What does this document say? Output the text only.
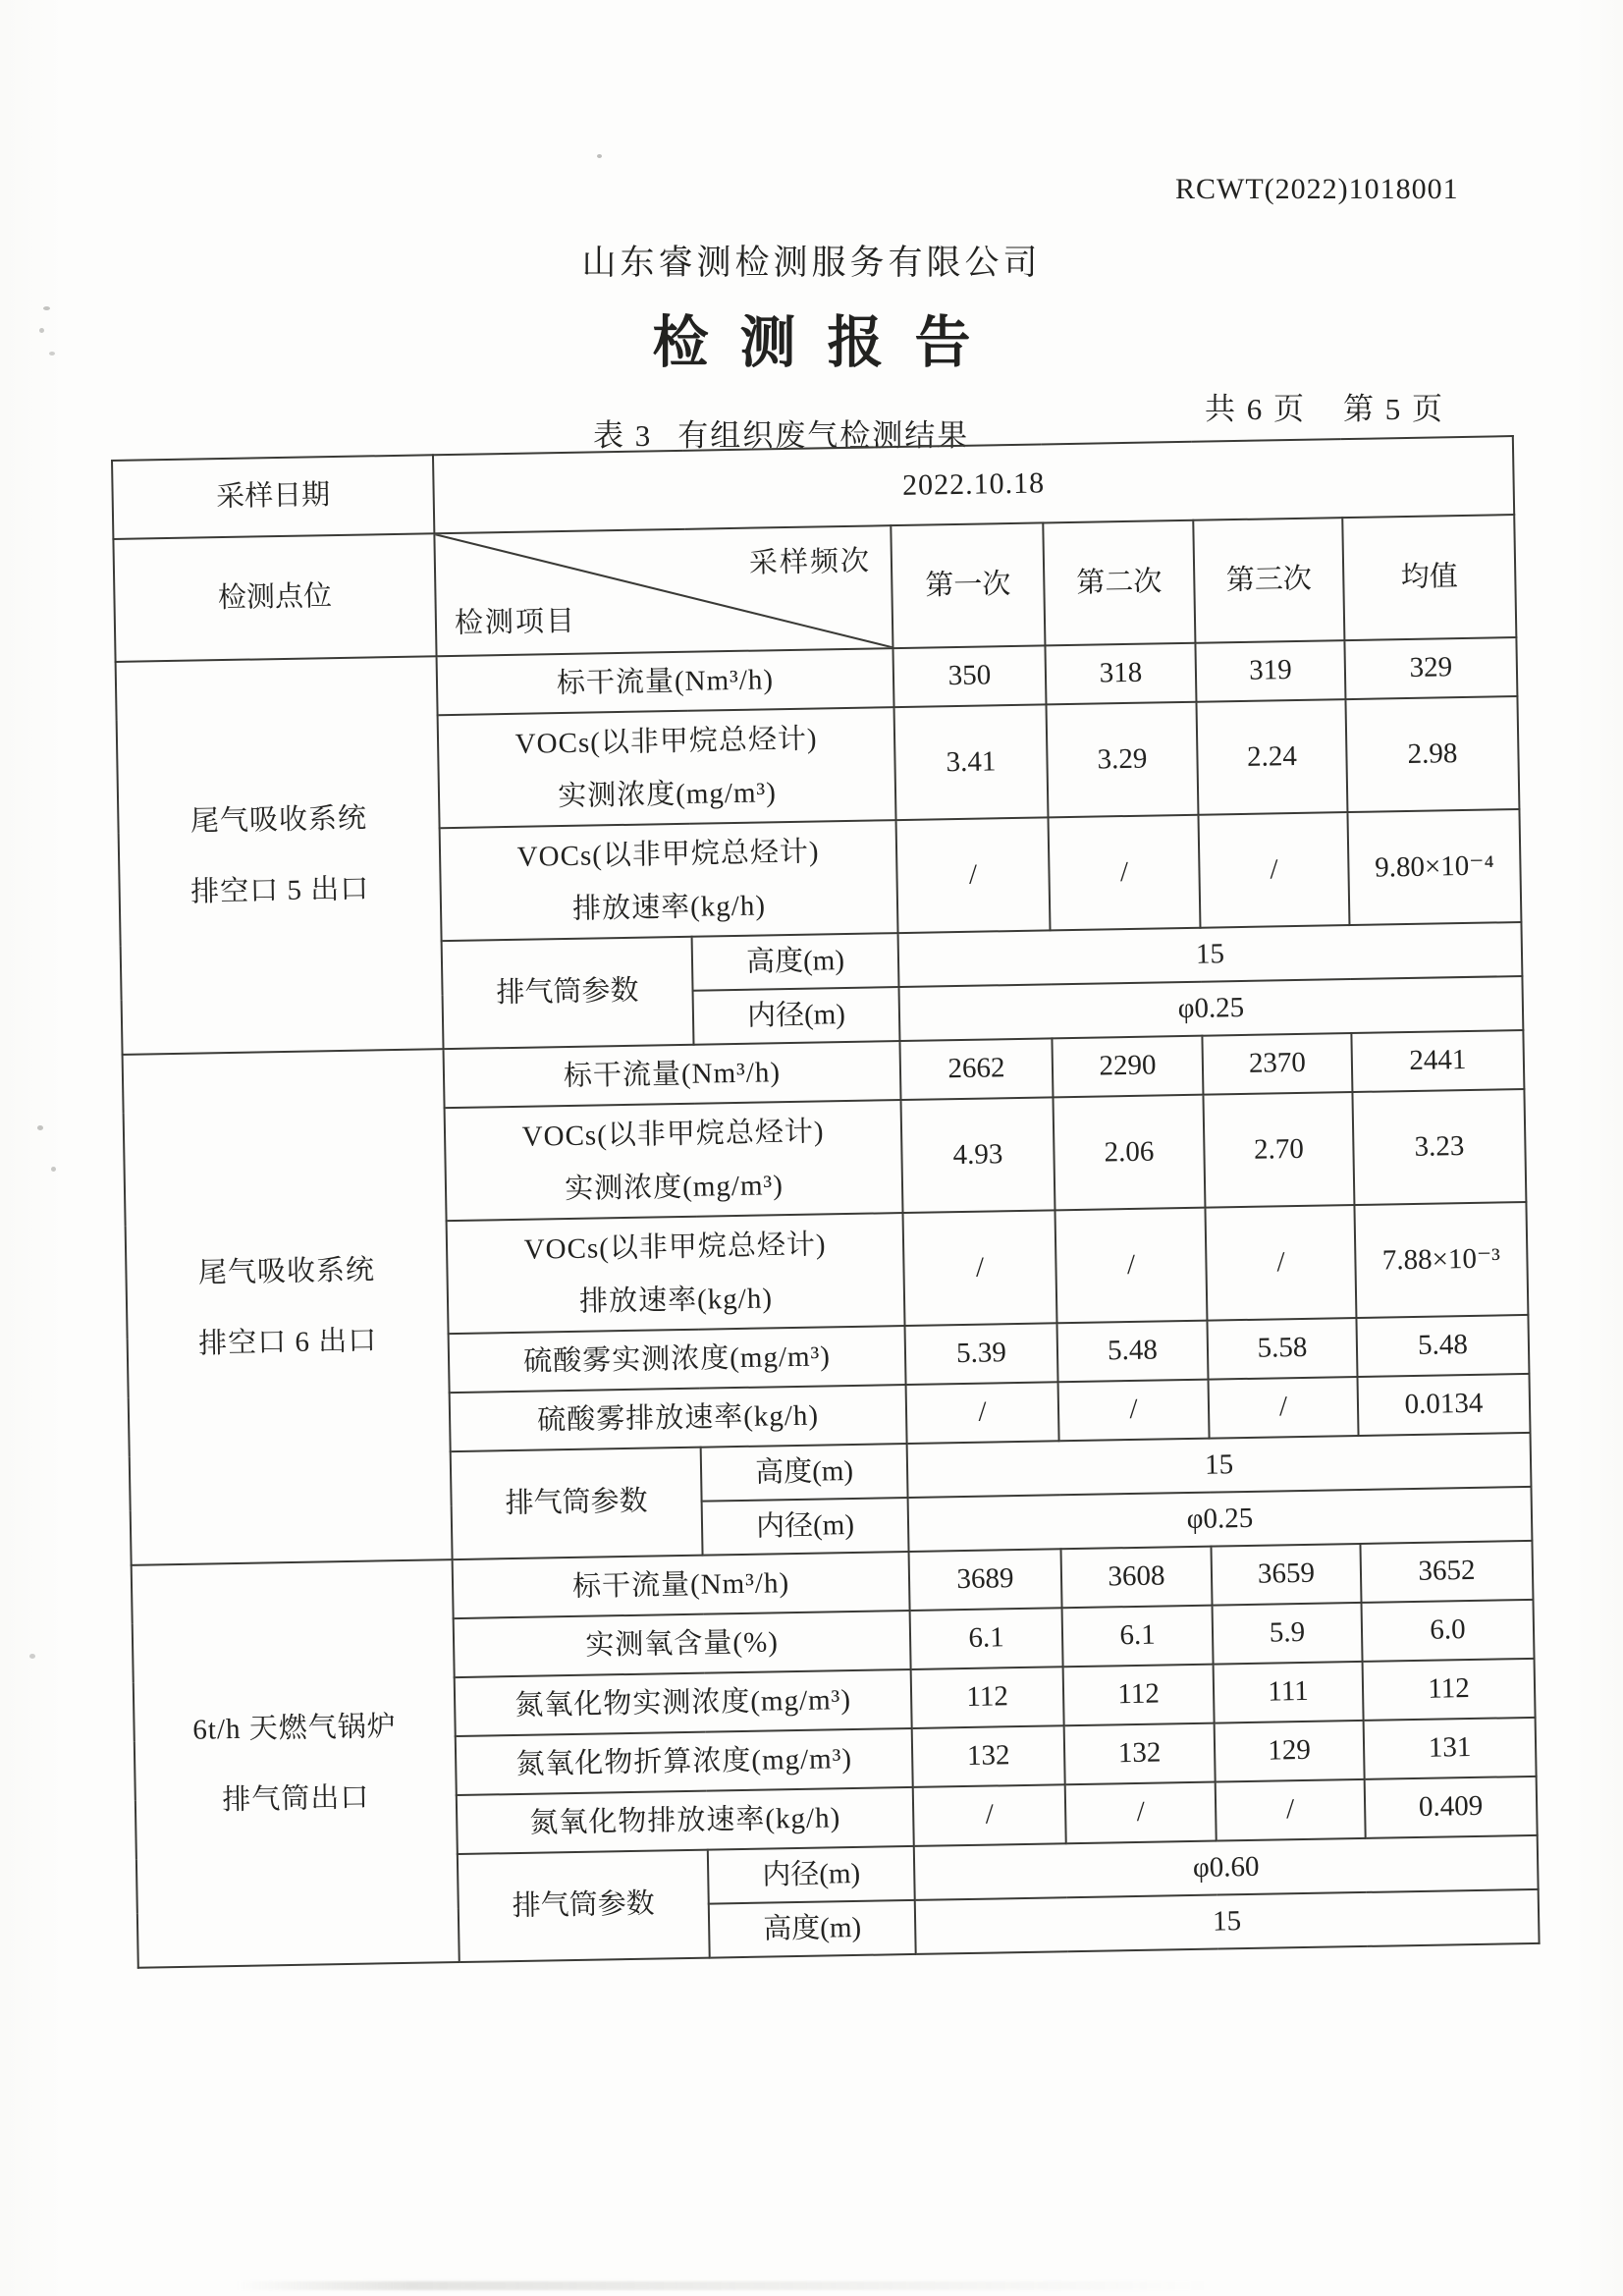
RCWT(2022)1018001
山东睿测检测服务有限公司
检测报告
表 3 有组织废气检测结果
共 6 页 第 5 页
采样日期	2022.10.18					
检测点位	采样频次
检测项目		第一次	第二次	第三次	均值

尾气吸收系统
排空口 5 出口	标干流量(Nm³/h)		350	318	319	329

	VOCs(以非甲烷总烃计)
实测浓度(mg/m³)		3.41	3.29	2.24	2.98

	VOCs(以非甲烷总烃计)
排放速率(kg/h)		/	/	/	9.80×10⁻⁴
	排气筒参数	高度(m)	15			
		内径(m)	φ0.25			

尾气吸收系统
排空口 6 出口	标干流量(Nm³/h)		2662	2290	2370	2441

	VOCs(以非甲烷总烃计)
实测浓度(mg/m³)		4.93	2.06	2.70	3.23

	VOCs(以非甲烷总烃计)
排放速率(kg/h)		/	/	/	7.88×10⁻³

	硫酸雾实测浓度(mg/m³)		5.39	5.48	5.58	5.48

	硫酸雾排放速率(kg/h)		/	/	/	0.0134
	排气筒参数	高度(m)	15			
		内径(m)	φ0.25			

6t/h 天燃气锅炉
排气筒出口	标干流量(Nm³/h)		3689	3608	3659	3652

	实测氧含量(%)		6.1	6.1	5.9	6.0

	氮氧化物实测浓度(mg/m³)		112	112	111	112

	氮氧化物折算浓度(mg/m³)		132	132	129	131

	氮氧化物排放速率(kg/h)		/	/	/	0.409
	排气筒参数	内径(m)	φ0.60			
		高度(m)	15			
